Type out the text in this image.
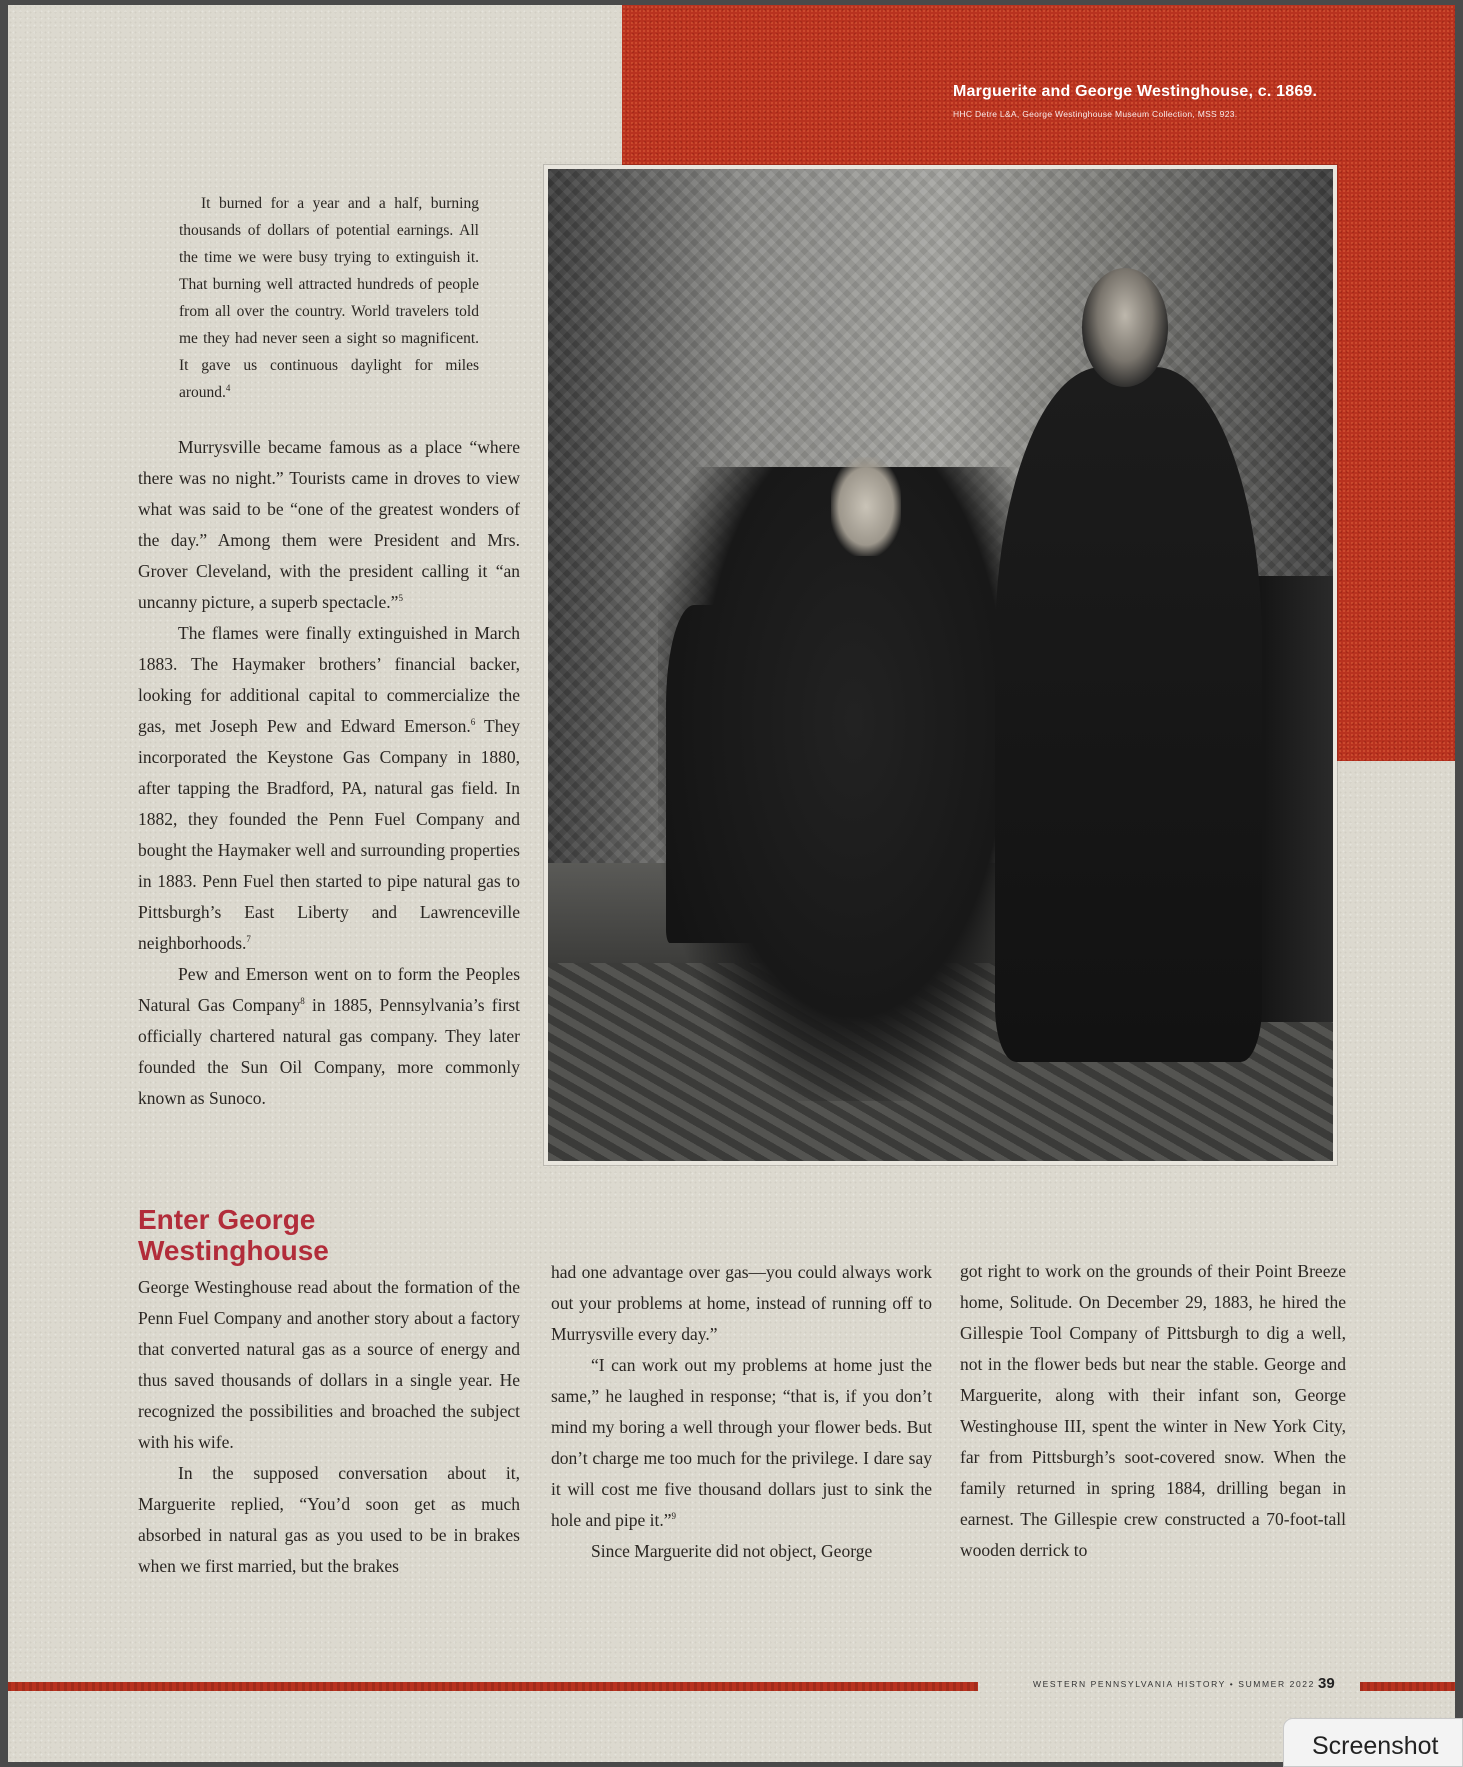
Marguerite and George Westinghouse, c. 1869.
HHC Detre L&A, George Westinghouse Museum Collection, MSS 923.

It burned for a year and a half, burning thousands of dollars of potential earnings. All the time we were busy trying to extinguish it. That burning well attracted hundreds of people from all over the country. World travelers told me they had never seen a sight so magnificent. It gave us continuous daylight for miles around.$^4$

Murrysville became famous as a place “where there was no night.” Tourists came in droves to view what was said to be “one of the greatest wonders of the day.” Among them were President and Mrs. Grover Cleveland, with the president calling it “an uncanny picture, a superb spectacle.”$^5$

The flames were finally extinguished in March 1883. The Haymaker brothers’ financial backer, looking for additional capital to commercialize the gas, met Joseph Pew and Edward Emerson.$^6$ They incorporated the Keystone Gas Company in 1880, after tapping the Bradford, PA, natural gas field. In 1882, they founded the Penn Fuel Company and bought the Haymaker well and surrounding properties in 1883. Penn Fuel then started to pipe natural gas to Pittsburgh’s East Liberty and Lawrenceville neighborhoods.$^7$

Pew and Emerson went on to form the Peoples Natural Gas Company$^8$ in 1885, Pennsylvania’s first officially chartered natural gas company. They later founded the Sun Oil Company, more commonly known as Sunoco.

Enter George Westinghouse

George Westinghouse read about the formation of the Penn Fuel Company and another story about a factory that converted natural gas as a source of energy and thus saved thousands of dollars in a single year. He recognized the possibilities and broached the subject with his wife.

In the supposed conversation about it, Marguerite replied, “You’d soon get as much absorbed in natural gas as you used to be in brakes when we first married, but the brakes

had one advantage over gas—you could always work out your problems at home, instead of running off to Murrysville every day.”

“I can work out my problems at home just the same,” he laughed in response; “that is, if you don’t mind my boring a well through your flower beds. But don’t charge me too much for the privilege. I dare say it will cost me five thousand dollars just to sink the hole and pipe it.”$^9$

Since Marguerite did not object, George

got right to work on the grounds of their Point Breeze home, Solitude. On December 29, 1883, he hired the Gillespie Tool Company of Pittsburgh to dig a well, not in the flower beds but near the stable. George and Marguerite, along with their infant son, George Westinghouse III, spent the winter in New York City, far from Pittsburgh’s soot-covered snow. When the family returned in spring 1884, drilling began in earnest. The Gillespie crew constructed a 70-foot-tall wooden derrick to

WESTERN PENNSYLVANIA HISTORY • SUMMER 2022 39
Screenshot
